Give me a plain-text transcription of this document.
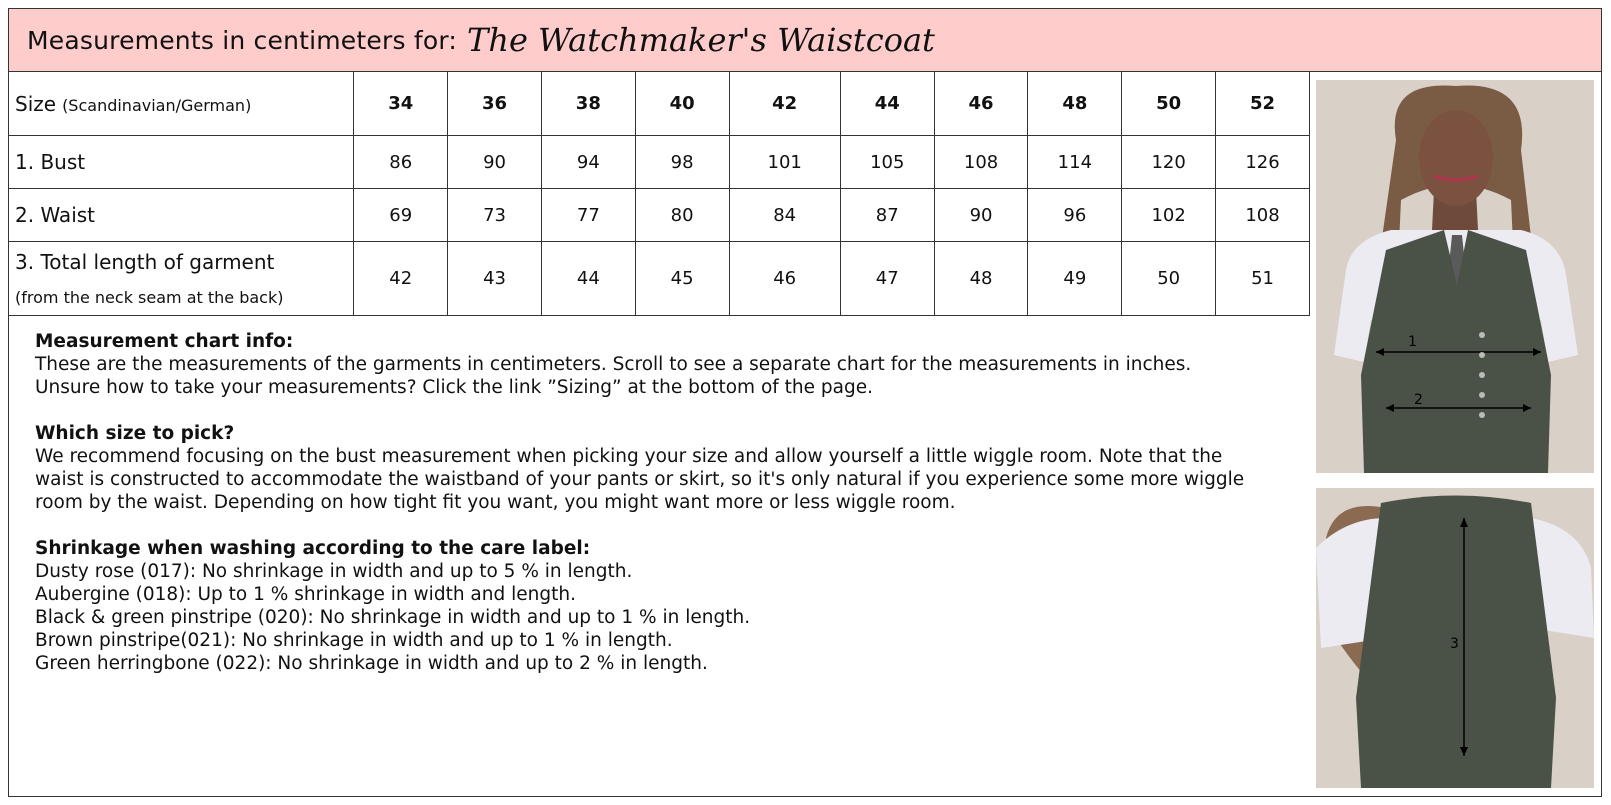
Measurements in centimeters for: The Watchmaker's Waistcoat
Size (Scandinavian/German)	34	36	38	40	42	44	46	48	50	52
1. Bust	86	90	94	98	101	105	108	114	120	126
2. Waist	69	73	77	80	84	87	90	96	102	108
3. Total length of garment
(from the neck seam at the back)	42	43	44	45	46	47	48	49	50	51
Measurement chart info:

These are the measurements of the garments in centimeters. Scroll to see a separate chart for the measurements in inches. Unsure how to take your measurements? Click the link ”Sizing” at the bottom of the page.

Which size to pick?

We recommend focusing on the bust measurement when picking your size and allow yourself a little wiggle room. Note that the waist is constructed to accommodate the waistband of your pants or skirt, so it's only natural if you experience some more wiggle room by the waist. Depending on how tight fit you want, you might want more or less wiggle room.

Shrinkage when washing according to the care label:

Dusty rose (017): No shrinkage in width and up to 5 % in length.

Aubergine (018): Up to 1 % shrinkage in width and length.

Black & green pinstripe (020): No shrinkage in width and up to 1 % in length.

Brown pinstripe(021): No shrinkage in width and up to 1 % in length.

Green herringbone (022): No shrinkage in width and up to 2 % in length.

1
2
3
